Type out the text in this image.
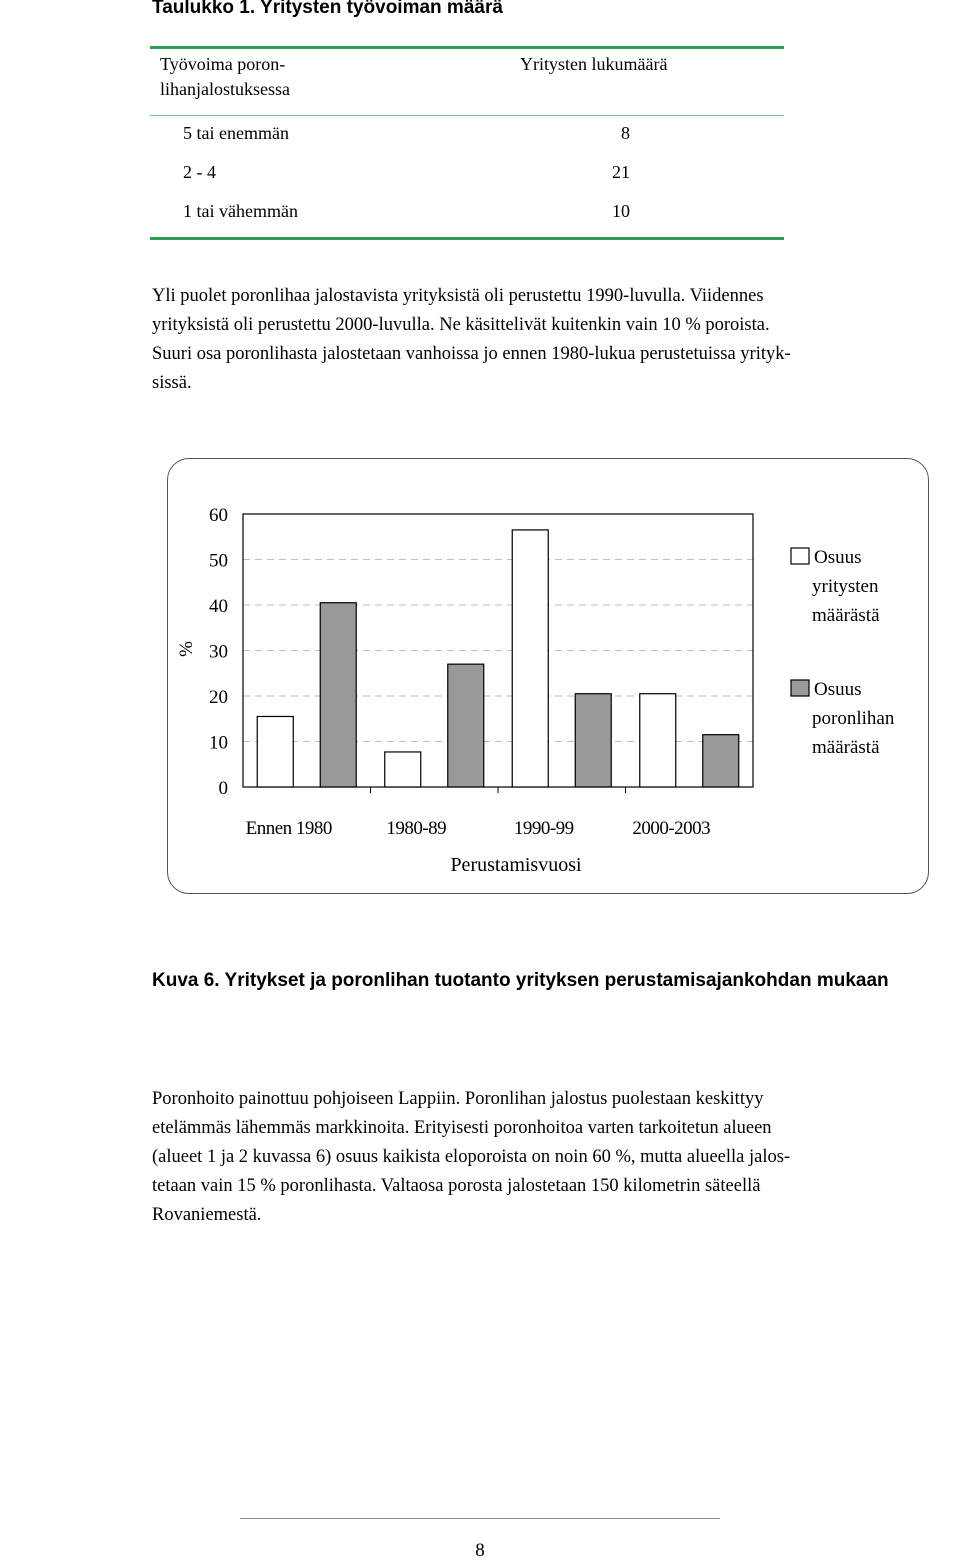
Taulukko 1. Yritysten työvoiman määrä
Työvoima poron-
lihanjalostuksessa
Yritysten lukumäärä
5 tai enemmän	8
2 - 4	21
1 tai vähemmän	10
Yli puolet poronlihaa jalostavista yrityksistä oli perustettu 1990-luvulla. Viidennes
yrityksistä oli perustettu 2000-luvulla. Ne käsittelivät kuitenkin vain 10 % poroista.
Suuri osa poronlihasta jalostetaan vanhoissa jo ennen 1980-lukua perustetuissa yrityk-
sissä.
0
10
20
30
40
50
60
%
Ennen 1980	1980-89	1990-99	2000-2003
Perustamisvuosi
Osuus
yritysten
määrästä
Osuus
poronlihan
määrästä
Kuva 6. Yritykset ja poronlihan tuotanto yrityksen perustamisajankohdan mukaan
Poronhoito painottuu pohjoiseen Lappiin. Poronlihan jalostus puolestaan keskittyy
etelämmäs lähemmäs markkinoita. Erityisesti poronhoitoa varten tarkoitetun alueen
(alueet 1 ja 2 kuvassa 6) osuus kaikista eloporoista on noin 60 %, mutta alueella jalos-
tetaan vain 15 % poronlihasta. Valtaosa porosta jalostetaan 150 kilometrin säteellä
Rovaniemestä.
8
